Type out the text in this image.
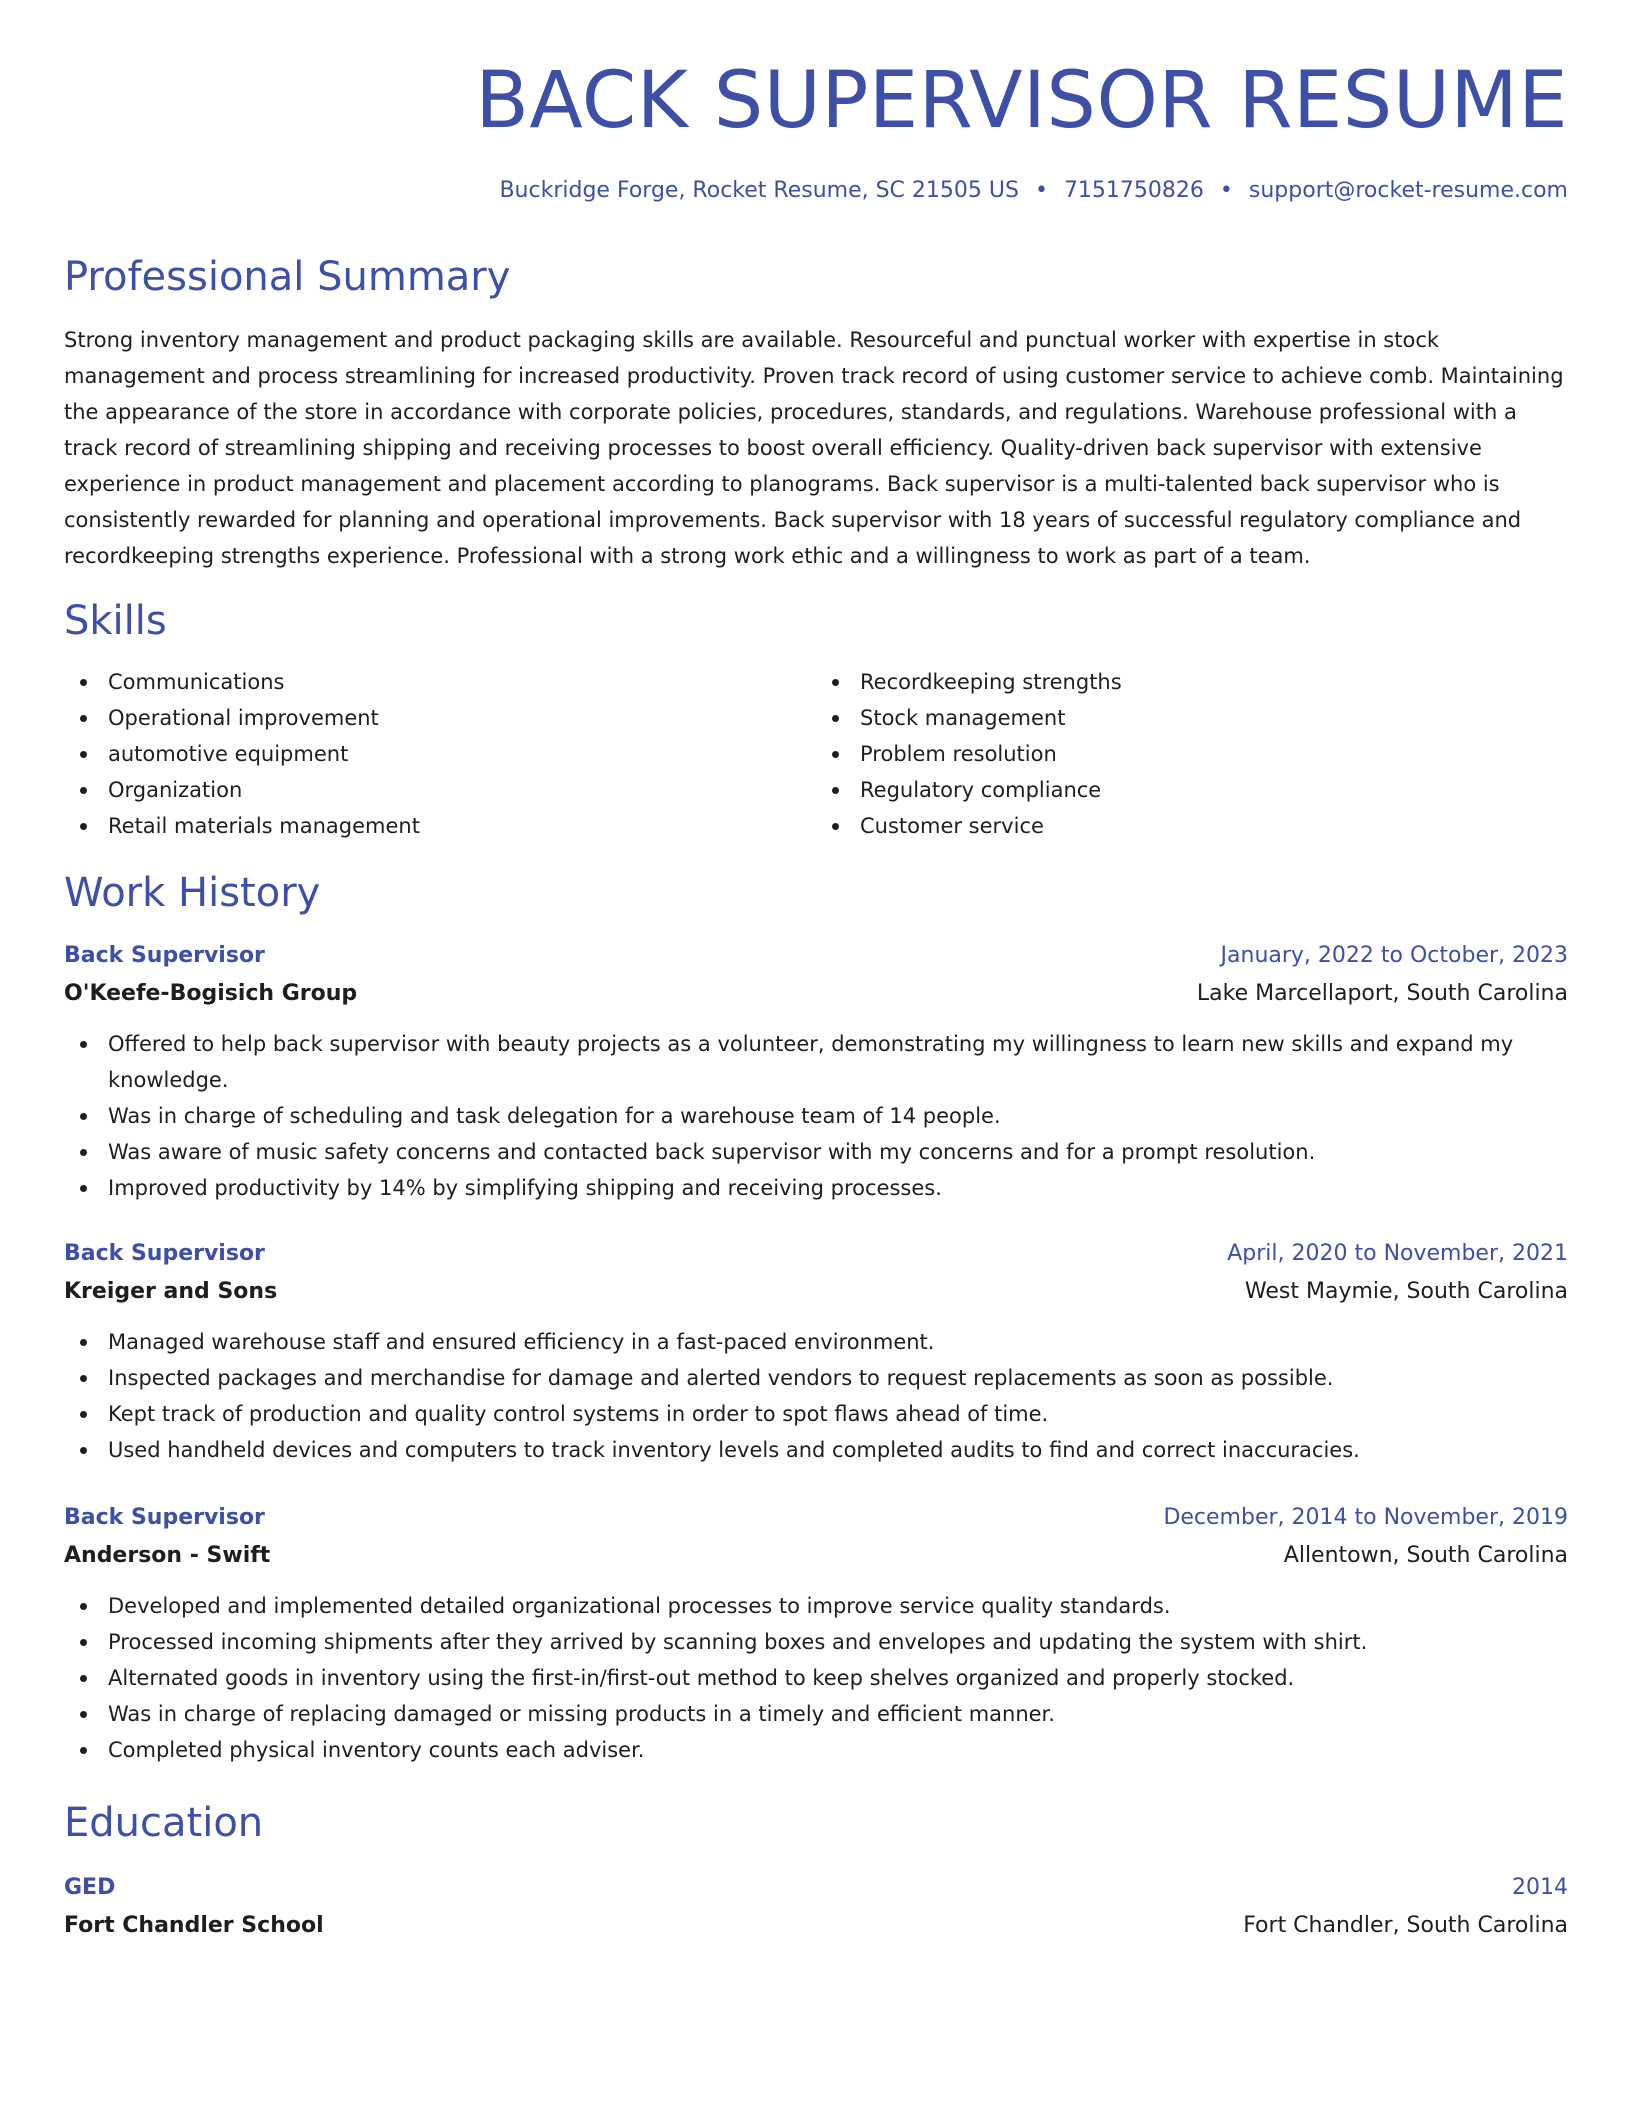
BACK SUPERVISOR RESUME
Buckridge Forge, Rocket Resume, SC 21505 US • 7151750826 • support@rocket-resume.com
Professional Summary

Strong inventory management and product packaging skills are available. Resourceful and punctual worker with expertise in stock management and process streamlining for increased productivity. Proven track record of using customer service to achieve comb. Maintaining the appearance of the store in accordance with corporate policies, procedures, standards, and regulations. Warehouse professional with a track record of streamlining shipping and receiving processes to boost overall efficiency. Quality-driven back supervisor with extensive experience in product management and placement according to planograms. Back supervisor is a multi-talented back supervisor who is consistently rewarded for planning and operational improvements. Back supervisor with 18 years of successful regulatory compliance and recordkeeping strengths experience. Professional with a strong work ethic and a willingness to work as part of a team.

Skills
Communications
Operational improvement
automotive equipment
Organization
Retail materials management
Recordkeeping strengths
Stock management
Problem resolution
Regulatory compliance
Customer service
Work History
Back Supervisor	January, 2022 to October, 2023
O'Keefe-Bogisich Group	Lake Marcellaport, South Carolina
Offered to help back supervisor with beauty projects as a volunteer, demonstrating my willingness to learn new skills and expand my knowledge.
Was in charge of scheduling and task delegation for a warehouse team of 14 people.
Was aware of music safety concerns and contacted back supervisor with my concerns and for a prompt resolution.
Improved productivity by 14% by simplifying shipping and receiving processes.
Back Supervisor	April, 2020 to November, 2021
Kreiger and Sons	West Maymie, South Carolina
Managed warehouse staff and ensured efficiency in a fast-paced environment.
Inspected packages and merchandise for damage and alerted vendors to request replacements as soon as possible.
Kept track of production and quality control systems in order to spot flaws ahead of time.
Used handheld devices and computers to track inventory levels and completed audits to find and correct inaccuracies.
Back Supervisor	December, 2014 to November, 2019
Anderson - Swift	Allentown, South Carolina
Developed and implemented detailed organizational processes to improve service quality standards.
Processed incoming shipments after they arrived by scanning boxes and envelopes and updating the system with shirt.
Alternated goods in inventory using the first-in/first-out method to keep shelves organized and properly stocked.
Was in charge of replacing damaged or missing products in a timely and efficient manner.
Completed physical inventory counts each adviser.
Education
GED	2014
Fort Chandler School	Fort Chandler, South Carolina
